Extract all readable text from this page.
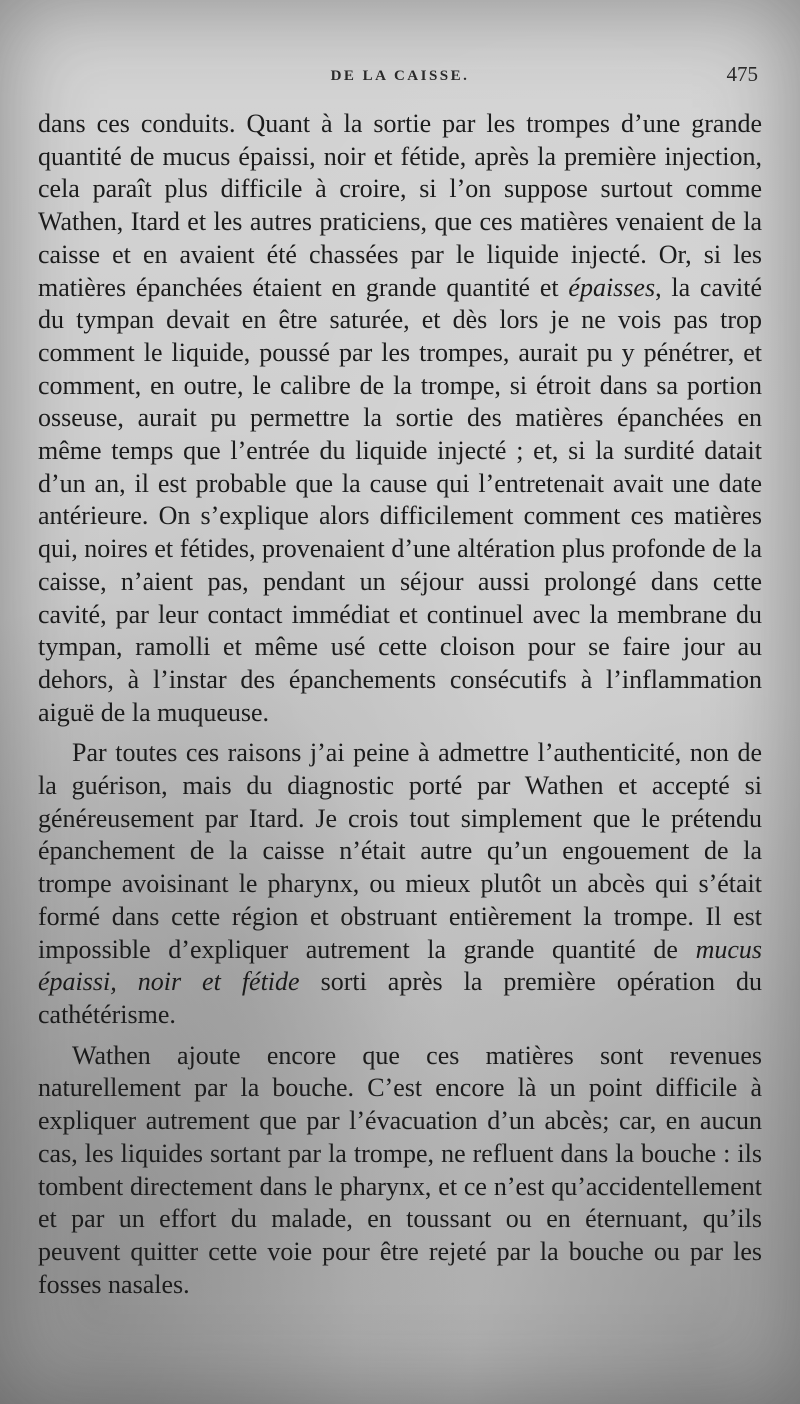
DE LA CAISSE.	475

dans ces conduits. Quant à la sortie par les trompes d’une grande quantité de mucus épaissi, noir et fétide, après la première injection, cela paraît plus difficile à croire, si l’on suppose surtout comme Wathen, Itard et les autres praticiens, que ces matières venaient de la caisse et en avaient été chassées par le liquide injecté. Or, si les matières épanchées étaient en grande quantité et épaisses, la cavité du tympan devait en être saturée, et dès lors je ne vois pas trop comment le liquide, poussé par les trompes, aurait pu y pénétrer, et comment, en outre, le calibre de la trompe, si étroit dans sa portion osseuse, aurait pu permettre la sortie des matières épanchées en même temps que l’entrée du liquide injecté ; et, si la surdité datait d’un an, il est probable que la cause qui l’entretenait avait une date antérieure. On s’explique alors difficilement comment ces matières qui, noires et fétides, provenaient d’une altération plus profonde de la caisse, n’aient pas, pendant un séjour aussi prolongé dans cette cavité, par leur contact immédiat et continuel avec la membrane du tympan, ramolli et même usé cette cloison pour se faire jour au dehors, à l’instar des épanchements consécutifs à l’inflammation aiguë de la muqueuse.

Par toutes ces raisons j’ai peine à admettre l’authenticité, non de la guérison, mais du diagnostic porté par Wathen et accepté si généreusement par Itard. Je crois tout simplement que le prétendu épanchement de la caisse n’était autre qu’un engouement de la trompe avoisinant le pharynx, ou mieux plutôt un abcès qui s’était formé dans cette région et obstruant entièrement la trompe. Il est impossible d’expliquer autrement la grande quantité de mucus épaissi, noir et fétide sorti après la première opération du cathétérisme.

Wathen ajoute encore que ces matières sont revenues naturellement par la bouche. C’est encore là un point difficile à expliquer autrement que par l’évacuation d’un abcès; car, en aucun cas, les liquides sortant par la trompe, ne refluent dans la bouche : ils tombent directement dans le pharynx, et ce n’est qu’accidentellement et par un effort du malade, en toussant ou en éternuant, qu’ils peuvent quitter cette voie pour être rejeté par la bouche ou par les fosses nasales.
